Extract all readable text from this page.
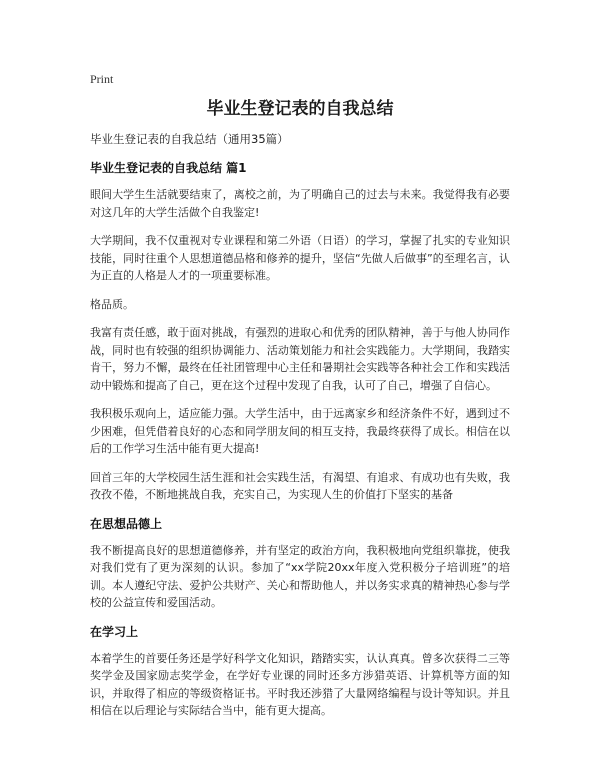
Print
毕业生登记表的自我总结
毕业生登记表的自我总结（通用35篇）
毕业生登记表的自我总结 篇1

眼间大学生生活就要结束了，离校之前，为了明确自己的过去与未来。我觉得我有必要对这几年的大学生活做个自我鉴定!

大学期间，我不仅重视对专业课程和第二外语（日语）的学习，掌握了扎实的专业知识技能，同时往重个人思想道德品格和修养的提升，坚信“先做人后做事”的至理名言，认为正直的人格是人才的一项重要标准。

格品质。

我富有责任感，敢于面对挑战，有强烈的进取心和优秀的团队精神，善于与他人协同作战，同时也有较强的组织协调能力、活动策划能力和社会实践能力。大学期间，我踏实肯干，努力不懈，最终在任社团管理中心主任和暑期社会实践等各种社会工作和实践活动中锻炼和提高了自己，更在这个过程中发现了自我，认可了自己，增强了自信心。

我积极乐观向上，适应能力强。大学生活中，由于远离家乡和经济条件不好，遇到过不少困难，但凭借着良好的心态和同学朋友间的相互支持，我最终获得了成长。相信在以后的工作学习生活中能有更大提高!

回首三年的大学校园生活生涯和社会实践生活，有渴望、有追求、有成功也有失败，我孜孜不倦，不断地挑战自我，充实自己，为实现人生的价值打下坚实的基备

在思想品德上

我不断提高良好的思想道德修养，并有坚定的政治方向，我积极地向党组织靠拢，使我对我们党有了更为深刻的认识。参加了“xx学院20xx年度入党积极分子培训班”的培训。本人遵纪守法、爱护公共财产、关心和帮助他人，并以务实求真的精神热心参与学校的公益宣传和爱国活动。

在学习上

本着学生的首要任务还是学好科学文化知识，踏踏实实，认认真真。曾多次获得二三等奖学金及国家励志奖学金，在学好专业课的同时还多方涉猎英语、计算机等方面的知识，并取得了相应的等级资格证书。平时我还涉猎了大量网络编程与设计等知识。并且相信在以后理论与实际结合当中，能有更大提高。
